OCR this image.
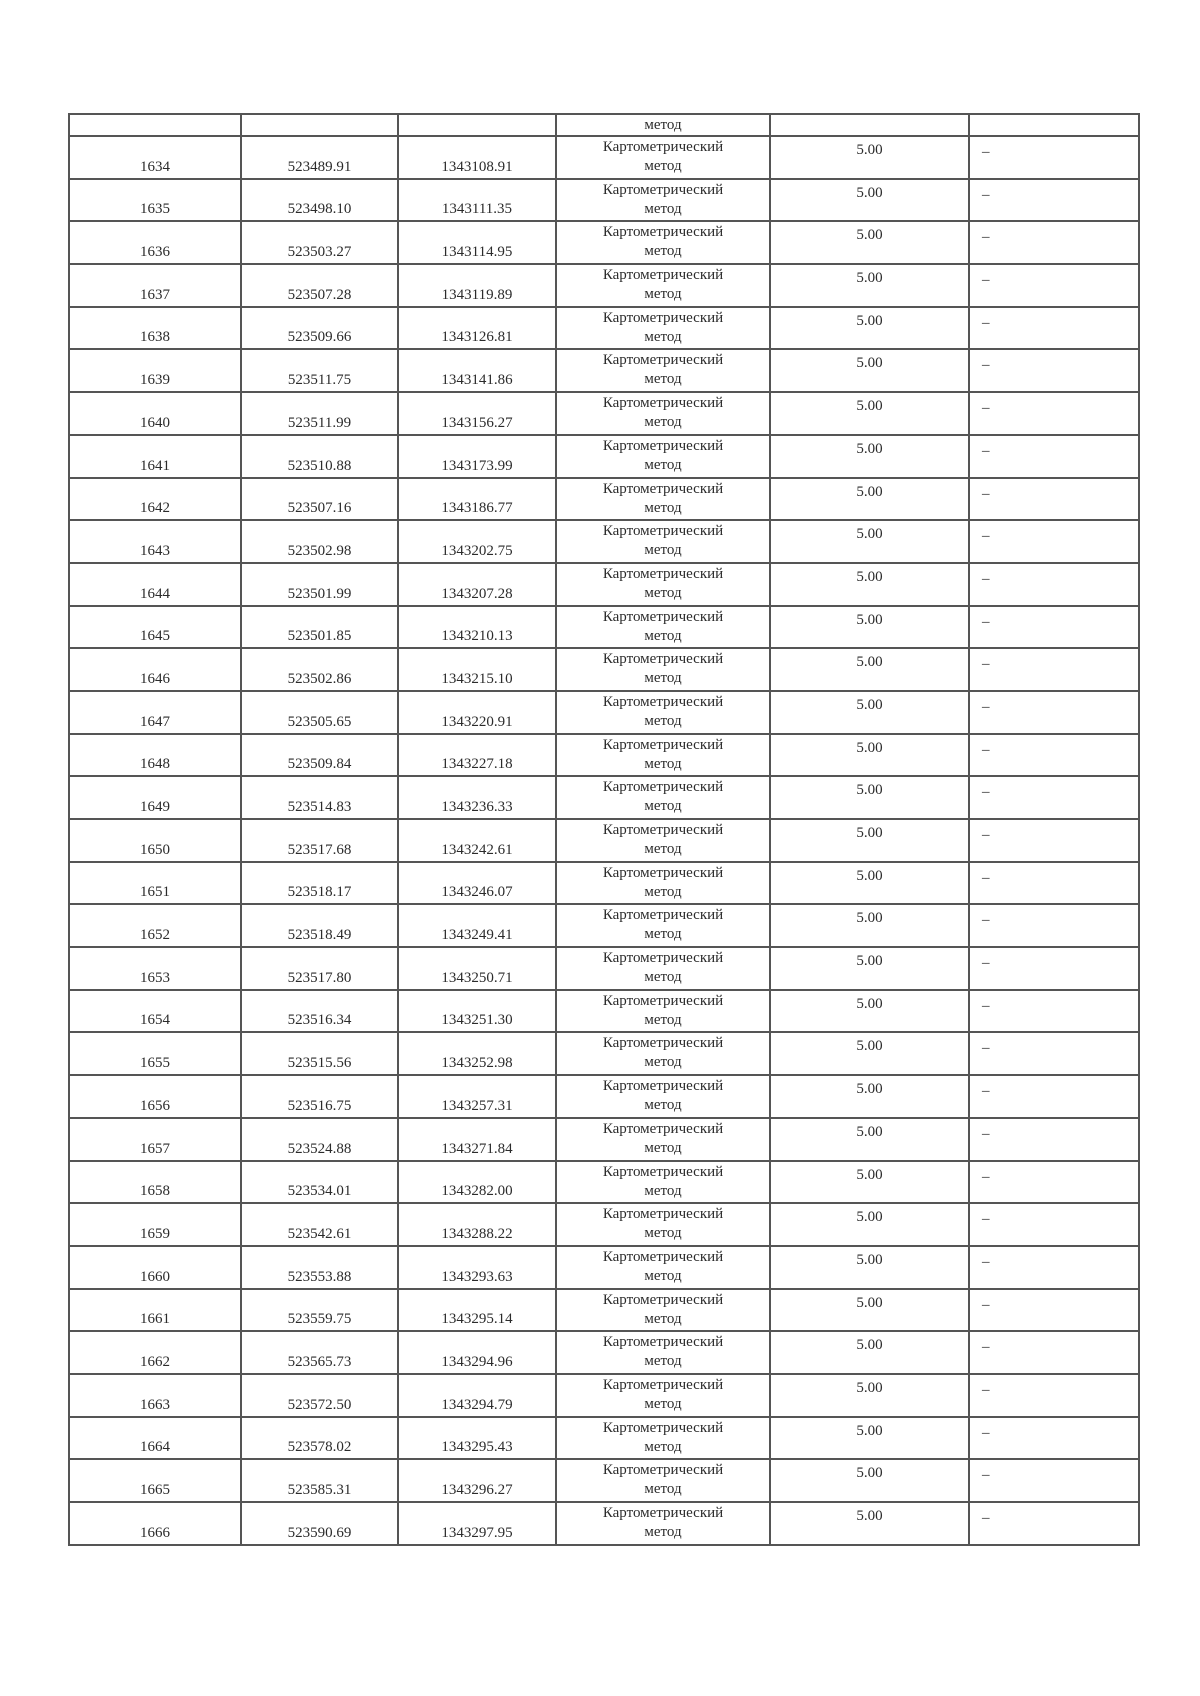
			метод		
1634	523489.91	1343108.91	Картометрический метод	5.00	–
1635	523498.10	1343111.35	Картометрический метод	5.00	–
1636	523503.27	1343114.95	Картометрический метод	5.00	–
1637	523507.28	1343119.89	Картометрический метод	5.00	–
1638	523509.66	1343126.81	Картометрический метод	5.00	–
1639	523511.75	1343141.86	Картометрический метод	5.00	–
1640	523511.99	1343156.27	Картометрический метод	5.00	–
1641	523510.88	1343173.99	Картометрический метод	5.00	–
1642	523507.16	1343186.77	Картометрический метод	5.00	–
1643	523502.98	1343202.75	Картометрический метод	5.00	–
1644	523501.99	1343207.28	Картометрический метод	5.00	–
1645	523501.85	1343210.13	Картометрический метод	5.00	–
1646	523502.86	1343215.10	Картометрический метод	5.00	–
1647	523505.65	1343220.91	Картометрический метод	5.00	–
1648	523509.84	1343227.18	Картометрический метод	5.00	–
1649	523514.83	1343236.33	Картометрический метод	5.00	–
1650	523517.68	1343242.61	Картометрический метод	5.00	–
1651	523518.17	1343246.07	Картометрический метод	5.00	–
1652	523518.49	1343249.41	Картометрический метод	5.00	–
1653	523517.80	1343250.71	Картометрический метод	5.00	–
1654	523516.34	1343251.30	Картометрический метод	5.00	–
1655	523515.56	1343252.98	Картометрический метод	5.00	–
1656	523516.75	1343257.31	Картометрический метод	5.00	–
1657	523524.88	1343271.84	Картометрический метод	5.00	–
1658	523534.01	1343282.00	Картометрический метод	5.00	–
1659	523542.61	1343288.22	Картометрический метод	5.00	–
1660	523553.88	1343293.63	Картометрический метод	5.00	–
1661	523559.75	1343295.14	Картометрический метод	5.00	–
1662	523565.73	1343294.96	Картометрический метод	5.00	–
1663	523572.50	1343294.79	Картометрический метод	5.00	–
1664	523578.02	1343295.43	Картометрический метод	5.00	–
1665	523585.31	1343296.27	Картометрический метод	5.00	–
1666	523590.69	1343297.95	Картометрический метод	5.00	–
